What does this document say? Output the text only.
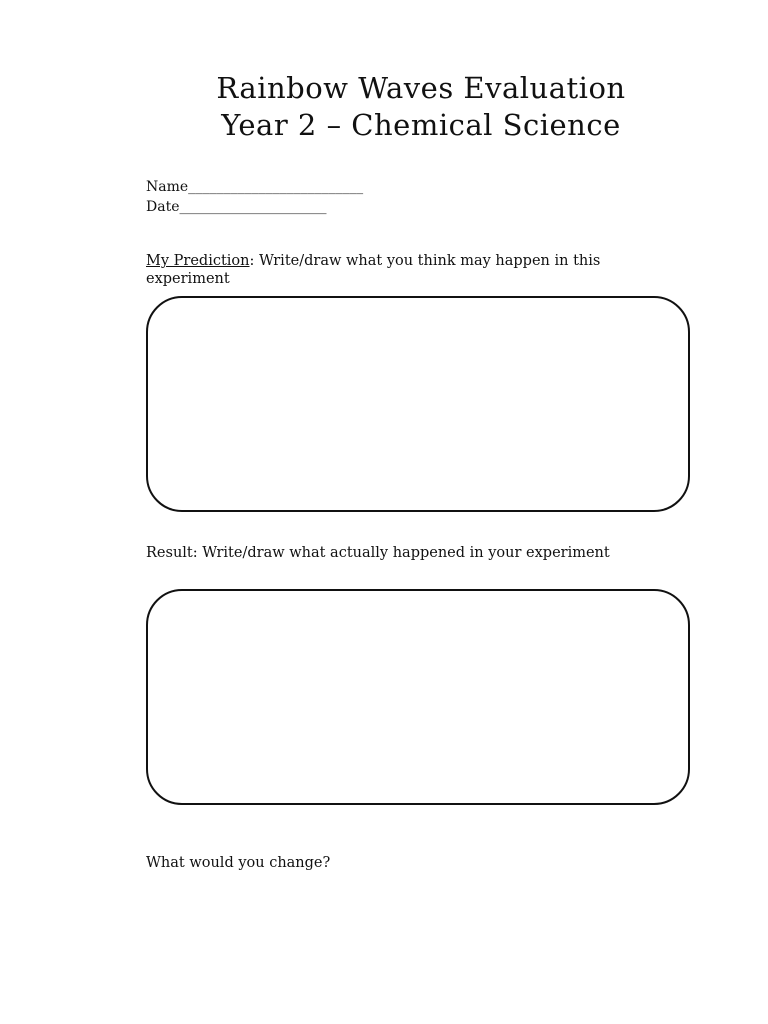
Rainbow Waves Evaluation
Year 2 – Chemical Science
Name_________________________
Date_____________________
My Prediction: Write/draw what you think may happen in this experiment
Result: Write/draw what actually happened in your experiment
What would you change?
